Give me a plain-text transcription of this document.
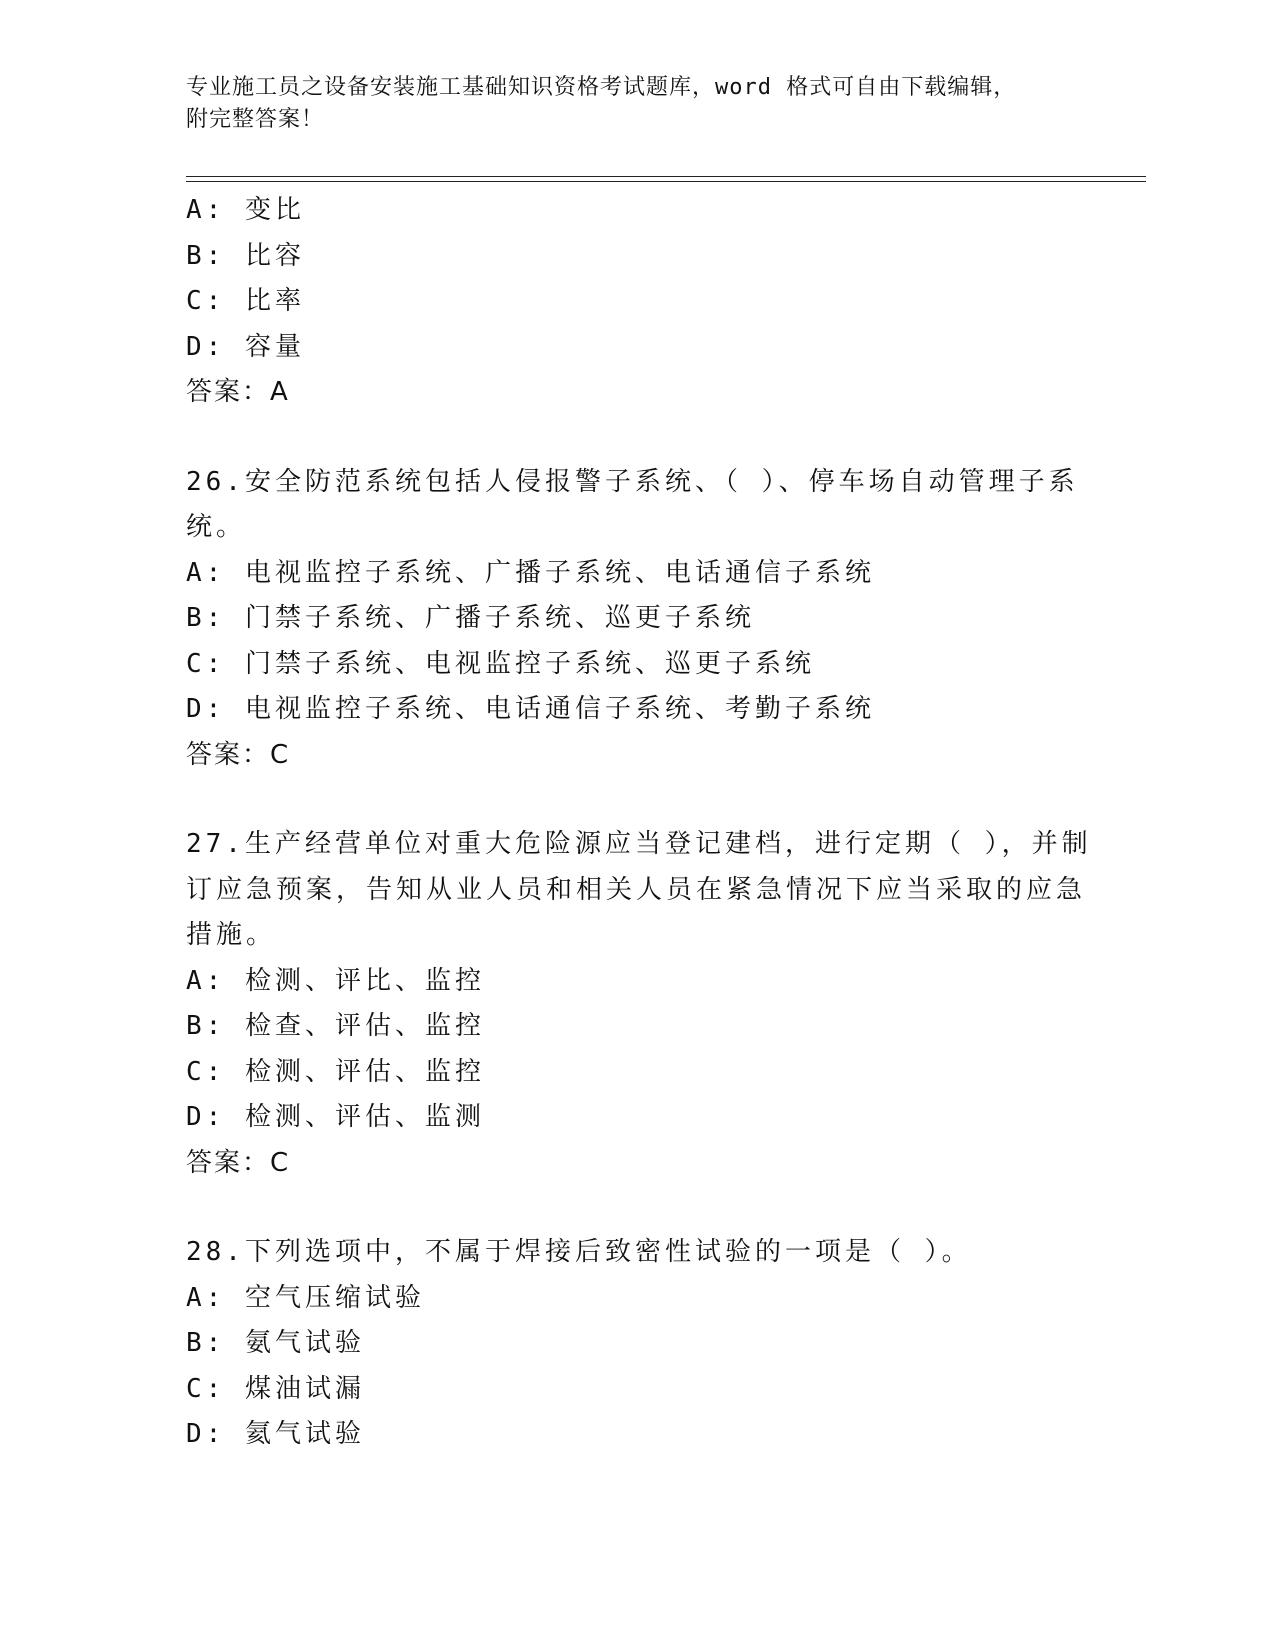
专业施工员之设备安装施工基础知识资格考试题库，word 格式可自由下载编辑，
附完整答案！
A: 变比
B: 比容
C: 比率
D: 容量
答案：A
26.安全防范系统包括人侵报警子系统、（ ）、停车场自动管理子系
统。
A: 电视监控子系统、广播子系统、电话通信子系统
B: 门禁子系统、广播子系统、巡更子系统
C: 门禁子系统、电视监控子系统、巡更子系统
D: 电视监控子系统、电话通信子系统、考勤子系统
答案：C
27.生产经营单位对重大危险源应当登记建档，进行定期（ ），并制
订应急预案，告知从业人员和相关人员在紧急情况下应当采取的应急
措施。
A: 检测、评比、监控
B: 检查、评估、监控
C: 检测、评估、监控
D: 检测、评估、监测
答案：C
28.下列选项中，不属于焊接后致密性试验的一项是（ ）。
A: 空气压缩试验
B: 氨气试验
C: 煤油试漏
D: 氦气试验
